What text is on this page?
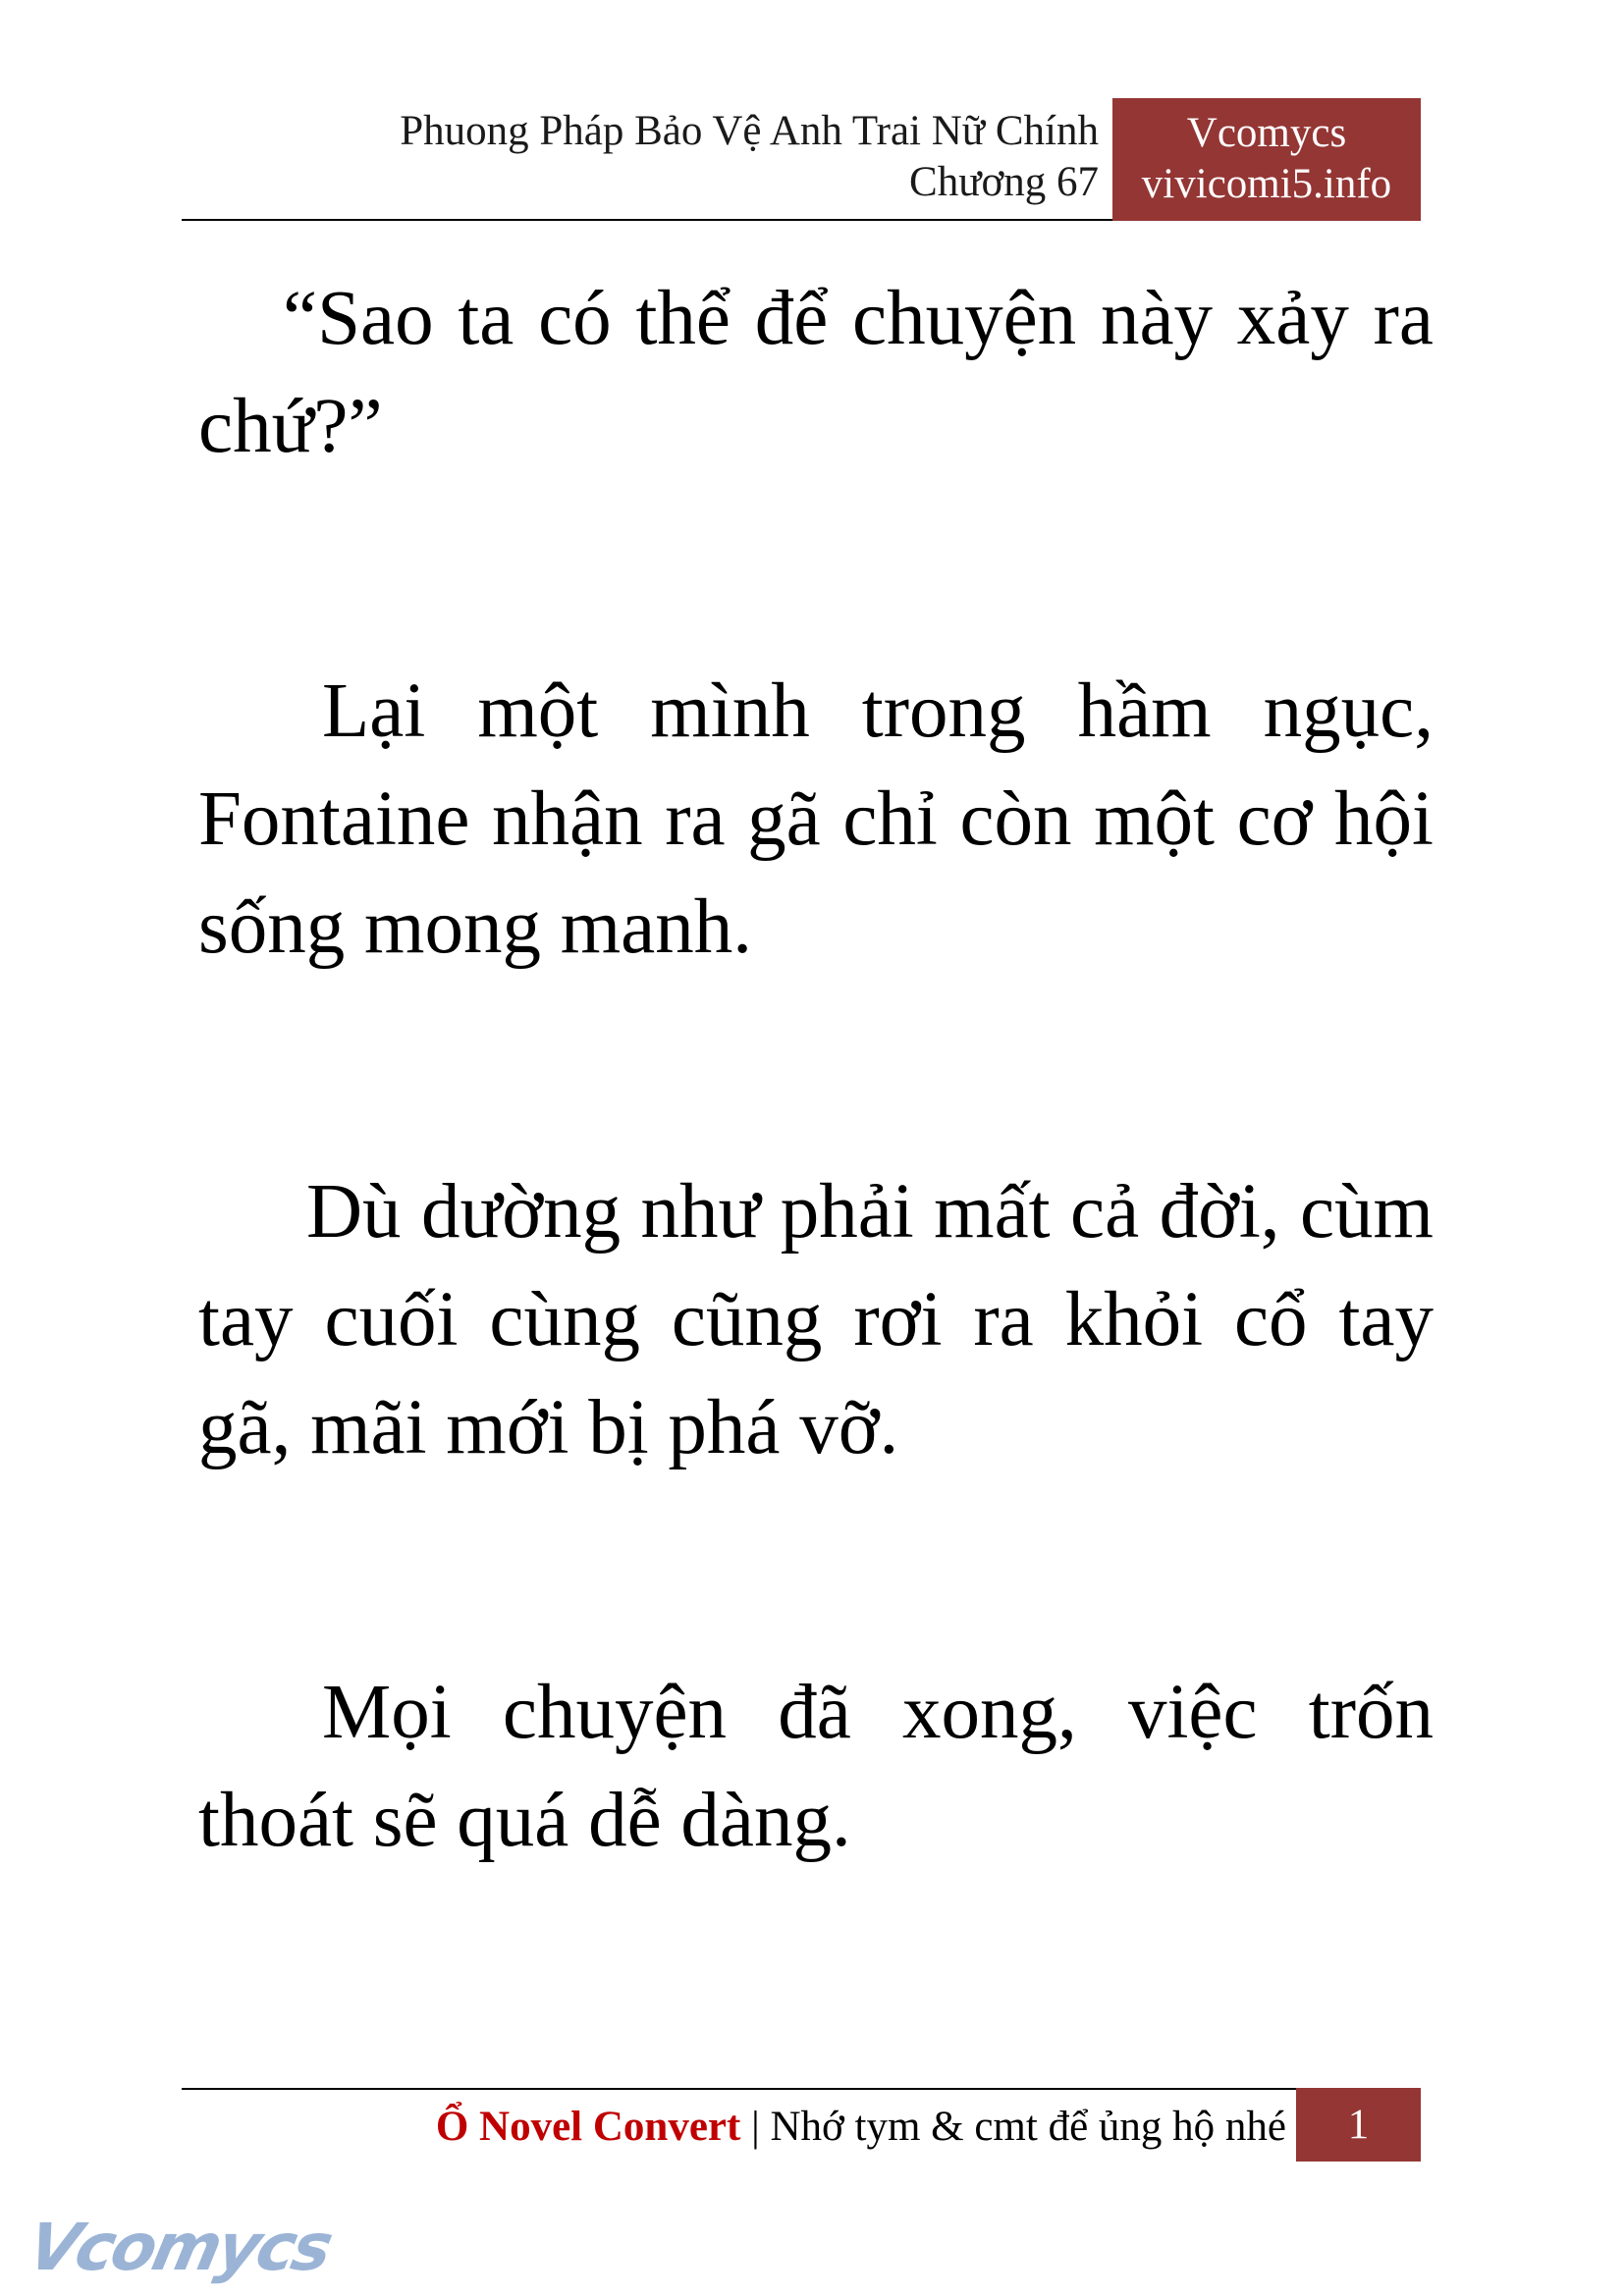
Phuong Pháp Bảo Vệ Anh Trai Nữ Chính
Chương 67
Vcomycs
vivicomi5.info

“Sao ta có thể để chuyện này xảy ra chứ?”

Lại một mình trong hầm ngục, Fontaine nhận ra gã chỉ còn một cơ hội sống mong manh.

Dù dường như phải mất cả đời, cùm tay cuối cùng cũng rơi ra khỏi cổ tay gã, mãi mới bị phá vỡ.

Mọi chuyện đã xong, việc trốn thoát sẽ quá dễ dàng.

Ổ Novel Convert | Nhớ tym & cmt để ủng hộ nhé	1
Vcomycs
